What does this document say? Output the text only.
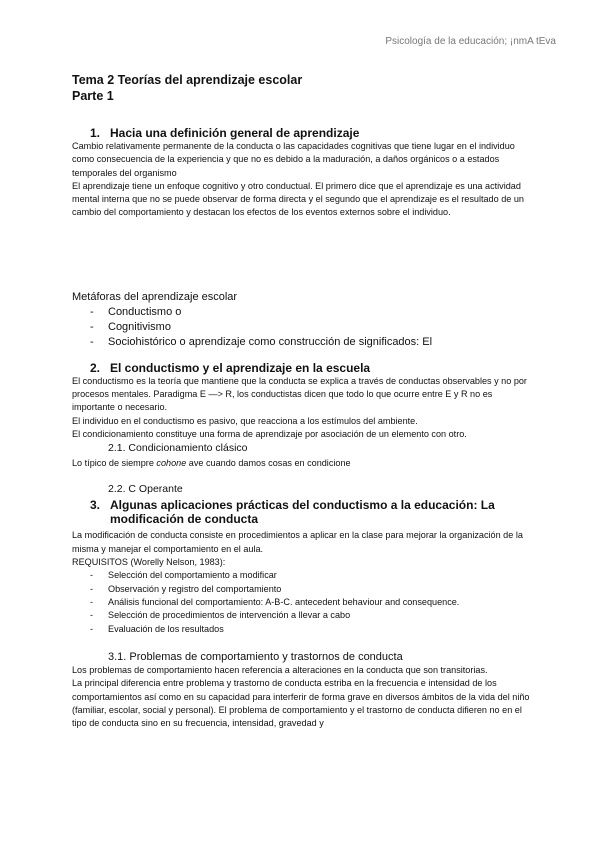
Psicología de la educación; ¡nmA tEva
Tema 2 Teorías del aprendizaje escolar
Parte 1
1. Hacia una definición general de aprendizaje

Cambio relativamente permanente de la conducta o las capacidades cognitivas que tiene lugar en el individuo como consecuencia de la experiencia y que no es debido a la maduración, a daños orgánicos o a estados temporales del organismo

El aprendizaje tiene un enfoque cognitivo y otro conductual. El primero dice que el aprendizaje es una actividad mental interna que no se puede observar de forma directa y el segundo que el aprendizaje es el resultado de un cambio del comportamiento y destacan los efectos de los eventos externos sobre el individuo.

Metáforas del aprendizaje escolar

-	Conductismo o
-	Cognitivismo
-	Sociohistórico o aprendizaje como construcción de significados: El
2. El conductismo y el aprendizaje en la escuela

El conductismo es la teoría que mantiene que la conducta se explica a través de conductas observables y no por procesos mentales. Paradigma E —> R, los conductistas dicen que todo lo que ocurre entre E y R no es importante o necesario.

El individuo en el conductismo es pasivo, que reacciona a los estímulos del ambiente.

El condicionamiento constituye una forma de aprendizaje por asociación de un elemento con otro.

2.1. Condicionamiento clásico
Lo típico de siempre cohone ave cuando damos cosas en condicione
2.2. C Operante
3. Algunas aplicaciones prácticas del conductismo a la educación: La
modificación de conducta

La modificación de conducta consiste en procedimientos a aplicar en la clase para mejorar la organización de la misma y manejar el comportamiento en el aula.

REQUISITOS (Worelly Nelson, 1983):

-	Selección del comportamiento a modificar
-	Observación y registro del comportamiento
-	Análisis funcional del comportamiento: A-B-C. antecedent behaviour and consequence.
-	Selección de procedimientos de intervención a llevar a cabo
-	Evaluación de los resultados
3.1. Problemas de comportamiento y trastornos de conducta

Los problemas de comportamiento hacen referencia a alteraciones en la conducta que son transitorias.

La principal diferencia entre problema y trastorno de conducta estriba en la frecuencia e intensidad de los comportamientos así como en su capacidad para interferir de forma grave en diversos ámbitos de la vida del niño (familiar, escolar, social y personal). El problema de comportamiento y el trastorno de conducta difieren no en el tipo de conducta sino en su frecuencia, intensidad, gravedad y
